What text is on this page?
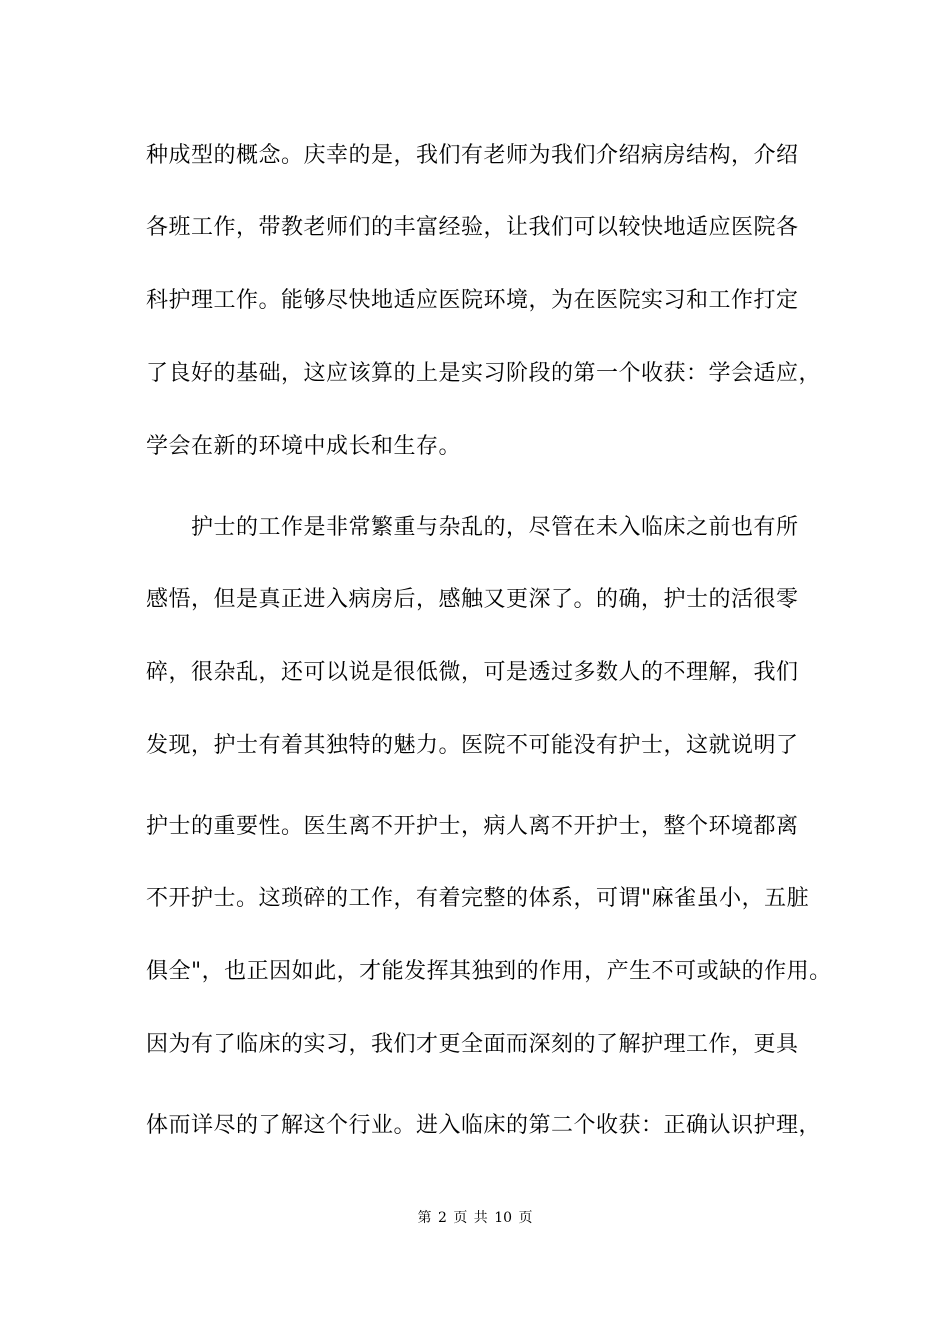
种成型的概念。庆幸的是，我们有老师为我们介绍病房结构，介绍
各班工作，带教老师们的丰富经验，让我们可以较快地适应医院各
科护理工作。能够尽快地适应医院环境，为在医院实习和工作打定
了良好的基础，这应该算的上是实习阶段的第一个收获：学会适应，
学会在新的环境中成长和生存。
护士的工作是非常繁重与杂乱的，尽管在未入临床之前也有所
感悟，但是真正进入病房后，感触又更深了。的确，护士的活很零
碎，很杂乱，还可以说是很低微，可是透过多数人的不理解，我们
发现，护士有着其独特的魅力。医院不可能没有护士，这就说明了
护士的重要性。医生离不开护士，病人离不开护士，整个环境都离
不开护士。这琐碎的工作，有着完整的体系，可谓"麻雀虽小，五脏
俱全"，也正因如此，才能发挥其独到的作用，产生不可或缺的作用。
因为有了临床的实习，我们才更全面而深刻的了解护理工作，更具
体而详尽的了解这个行业。进入临床的第二个收获：正确认识护理，
第 2 页 共 10 页
